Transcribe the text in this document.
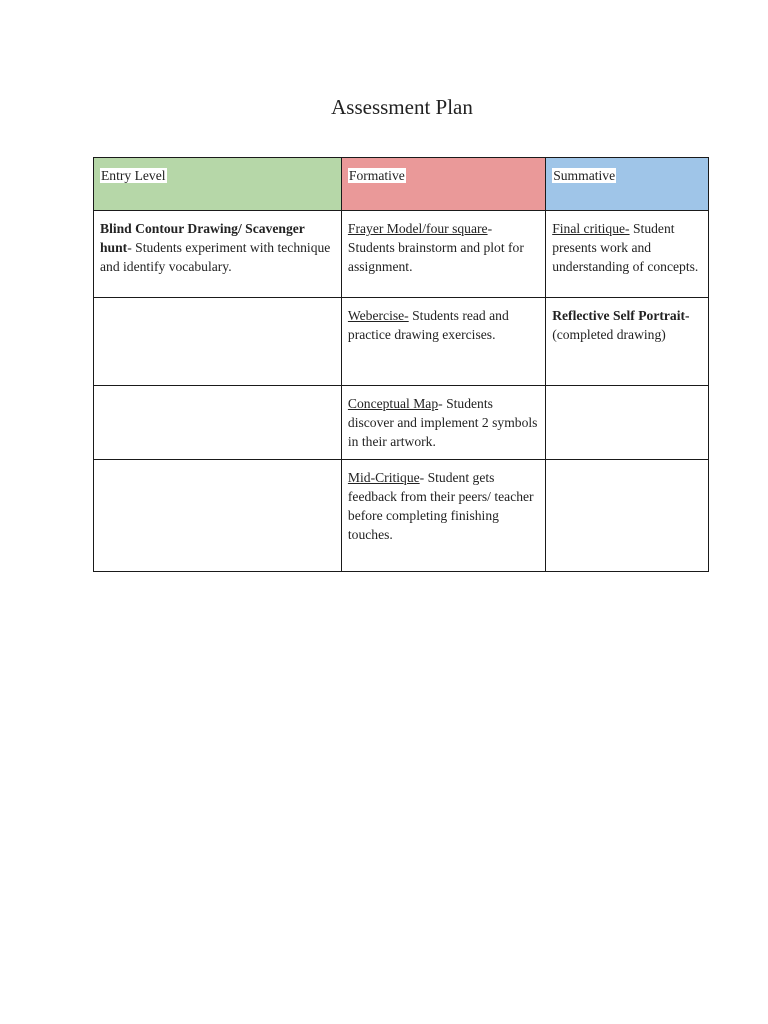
Assessment Plan
Entry Level	Formative	Summative
Blind Contour Drawing/ Scavenger hunt- Students experiment with technique and identify vocabulary.	Frayer Model/four square- Students brainstorm and plot for assignment.	Final critique- Student presents work and understanding of concepts.
	Webercise- Students read and practice drawing exercises.	Reflective Self Portrait- (completed drawing)
	Conceptual Map- Students discover and implement 2 symbols in their artwork.	
	Mid-Critique- Student gets feedback from their peers/ teacher before completing finishing touches.	
